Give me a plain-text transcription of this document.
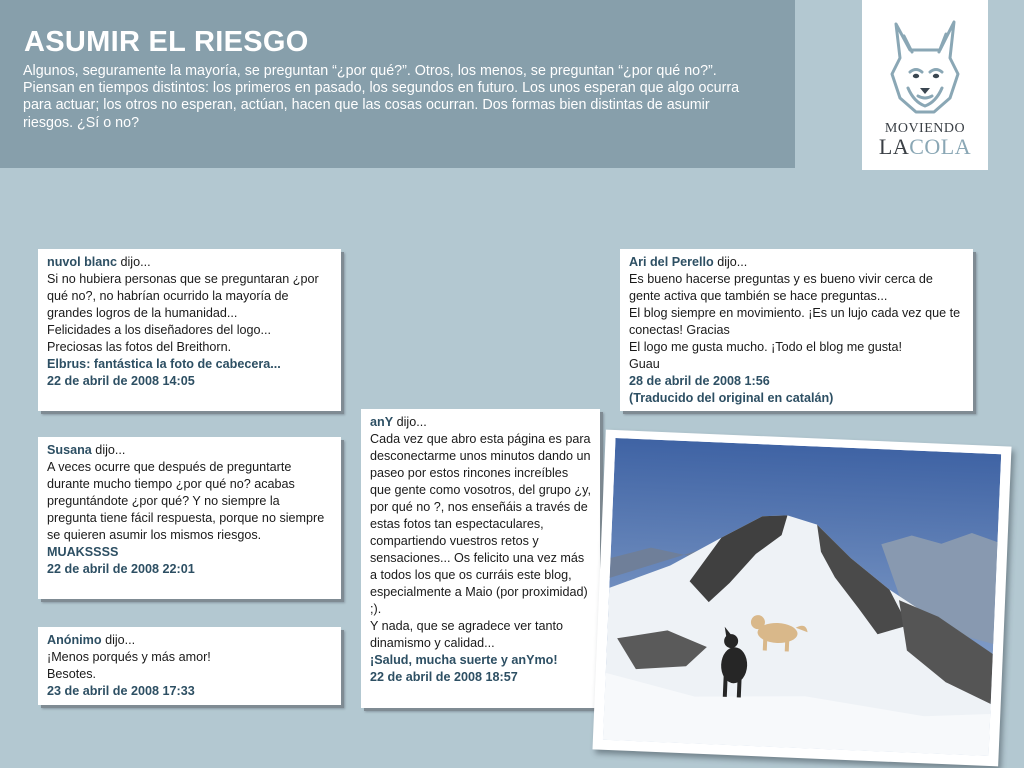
ASUMIR EL RIESGO
Algunos, seguramente la mayoría, se preguntan “¿por qué?”. Otros, los menos, se preguntan “¿por qué no?”. Piensan en tiempos distintos: los primeros en pasado, los segundos en futuro. Los unos esperan que algo ocurra para actuar; los otros no esperan, actúan, hacen que las cosas ocurran. Dos formas bien distintas de asumir riesgos. ¿Sí o no?	MOVIENDO
LACOLA
nuvol blanc dijo...
Si no hubiera personas que se preguntaran ¿por qué no?, no habrían ocurrido la mayoría de grandes logros de la humanidad...
Felicidades a los diseñadores del logo...
Preciosas las fotos del Breithorn.
Elbrus: fantástica la foto de cabecera...
22 de abril de 2008 14:05
Susana dijo...
A veces ocurre que después de preguntarte durante mucho tiempo ¿por qué no? acabas preguntándote ¿por qué? Y no siempre la pregunta tiene fácil respuesta, porque no siempre se quieren asumir los mismos riesgos.
MUAKSSSS
22 de abril de 2008 22:01
Anónimo dijo...
¡Menos porqués y más amor!
Besotes.
23 de abril de 2008 17:33
anY dijo...
Cada vez que abro esta página es para desconectarme unos minutos dando un paseo por estos rincones increíbles que gente como vosotros, del grupo ¿y, por qué no ?, nos enseñáis a través de estas fotos tan espectaculares, compartiendo vuestros retos y sensaciones... Os felicito una vez más a todos los que os curráis este blog, especialmente a Maio (por proximidad) ;).
Y nada, que se agradece ver tanto dinamismo y calidad...
¡Salud, mucha suerte y anYmo!
22 de abril de 2008 18:57
Ari del Perello dijo...
Es bueno hacerse preguntas y es bueno vivir cerca de gente activa que también se hace preguntas...
El blog siempre en movimiento. ¡Es un lujo cada vez que te conectas! Gracias
El logo me gusta mucho. ¡Todo el blog me gusta!
Guau
28 de abril de 2008 1:56
(Traducido del original en catalán)
